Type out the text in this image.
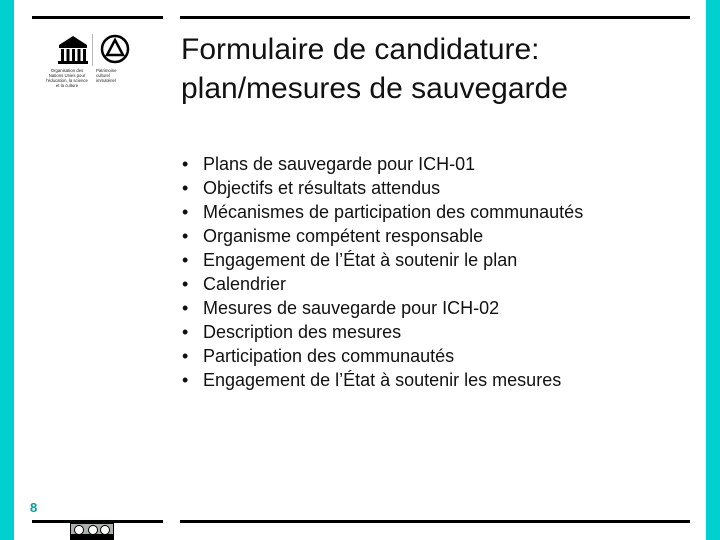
Organisation des Nations Unies pour l'éducation, la science et la culture
Patrimoine culturel immatériel
Formulaire de candidature:
plan/mesures de sauvegarde
• Plans de sauvegarde pour ICH-01
• Objectifs et résultats attendus
• Mécanismes de participation des communautés
• Organisme compétent responsable
• Engagement de l’État à soutenir le plan
• Calendrier
• Mesures de sauvegarde pour ICH-02
• Description des mesures
• Participation des communautés
• Engagement de l’État à soutenir les mesures
8
